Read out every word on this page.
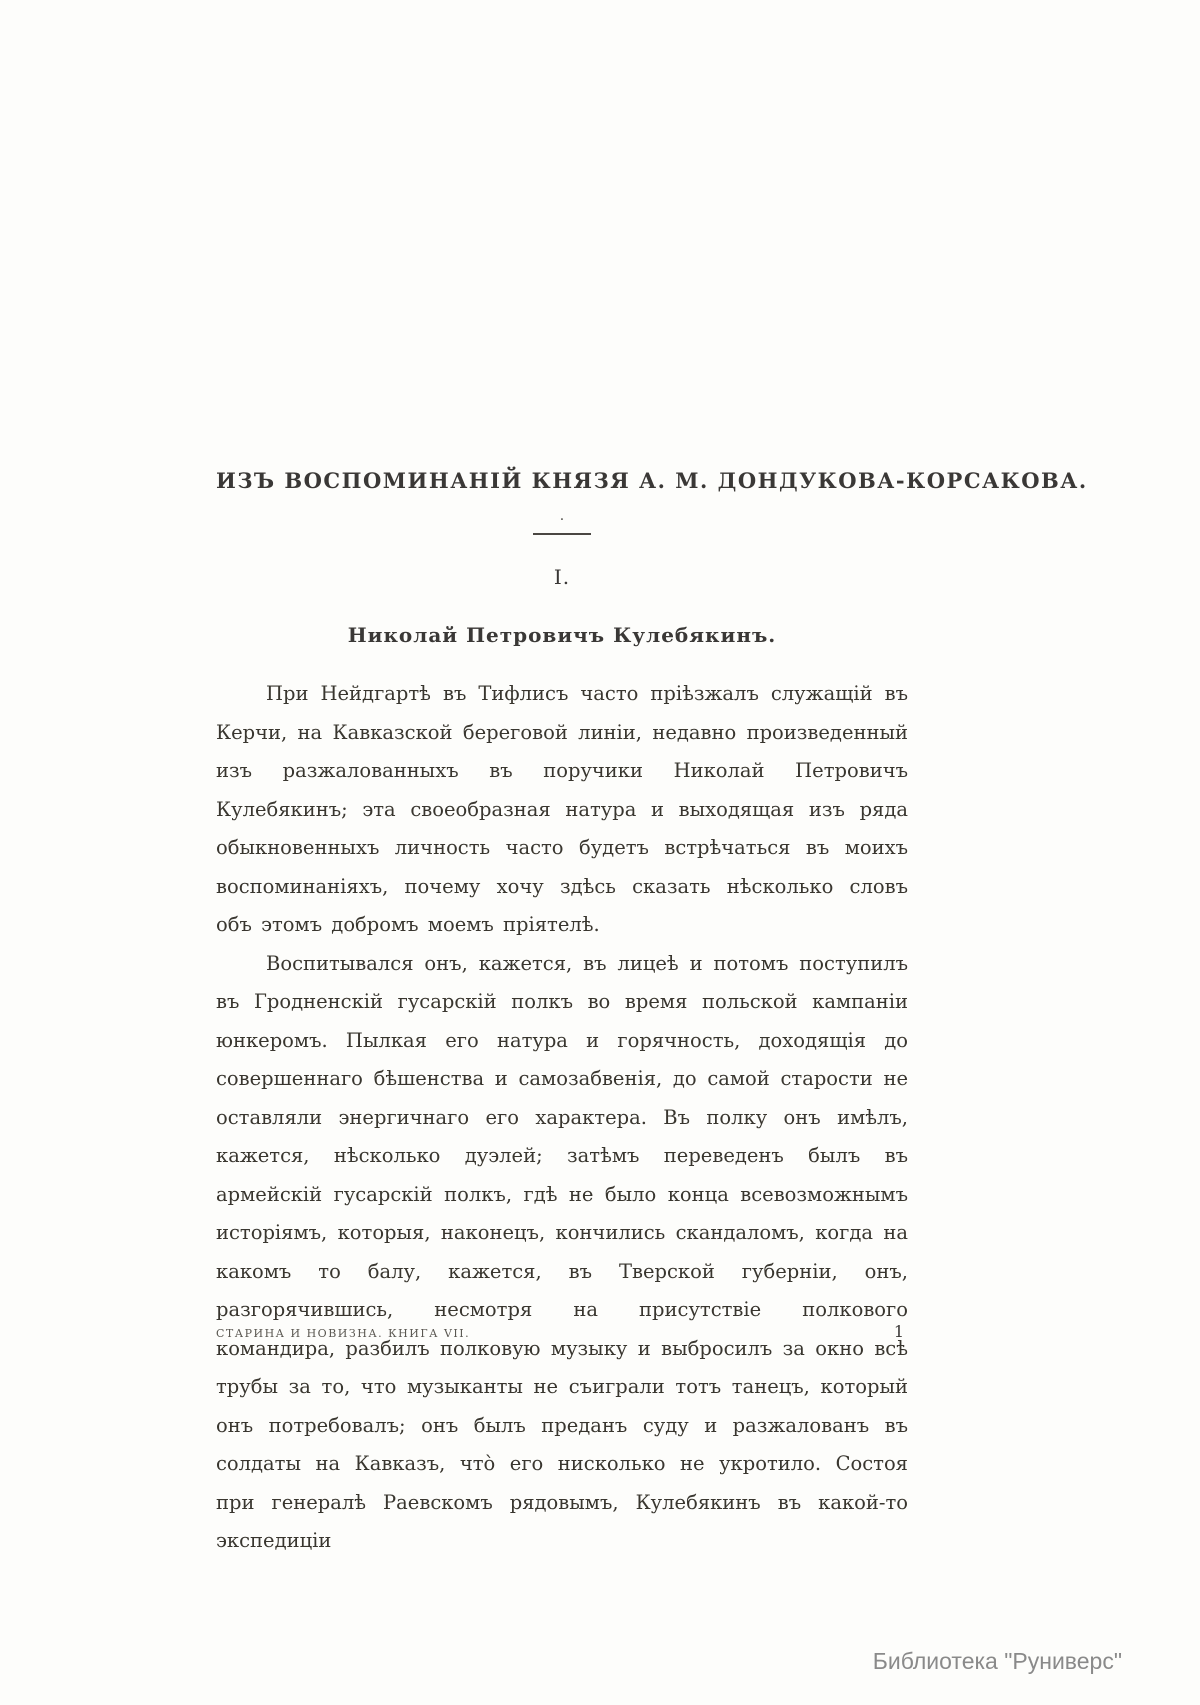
ИЗЪ ВОСПОМИНАНІЙ КНЯЗЯ А. М. ДОНДУКОВА-КОРСАКОВА.
·
I.
Николай Петровичъ Кулебякинъ.

При Нейдгартѣ въ Тифлисъ часто пріѣзжалъ служащій въ Керчи, на Кавказской береговой линіи, недавно произведенный изъ разжалованныхъ въ поручики Николай Петровичъ Кулебякинъ; эта своеобразная натура и выходящая изъ ряда обыкновенныхъ личность часто будетъ встрѣчаться въ моихъ воспоминаніяхъ, почему хочу здѣсь сказать нѣсколько словъ объ этомъ добромъ моемъ пріятелѣ.

Воспитывался онъ, кажется, въ лицеѣ и потомъ поступилъ въ Гродненскій гусарскій полкъ во время польской кампаніи юнкеромъ. Пылкая его натура и горячность, доходящія до совершеннаго бѣшенства и самозабвенія, до самой старости не оставляли энергичнаго его характера. Въ полку онъ имѣлъ, кажется, нѣсколько дуэлей; затѣмъ переведенъ былъ въ армейскій гусарскій полкъ, гдѣ не было конца всевозможнымъ исторіямъ, которыя, наконецъ, кончились скандаломъ, когда на какомъ то балу, кажется, въ Тверской губерніи, онъ, разгорячившись, несмотря на присутствіе полкового командира, разбилъ полковую музыку и выбросилъ за окно всѣ трубы за то, что музыканты не съиграли тотъ танецъ, который онъ потребовалъ; онъ былъ преданъ суду и разжалованъ въ солдаты на Кавказъ, что̀ его нисколько не укротило. Состоя при генералѣ Раевскомъ рядовымъ, Кулебякинъ въ какой-то экспедиціи

СТАРИНА И НОВИЗНА. КНИГА VII.	1
Библиотека "Руниверс"
